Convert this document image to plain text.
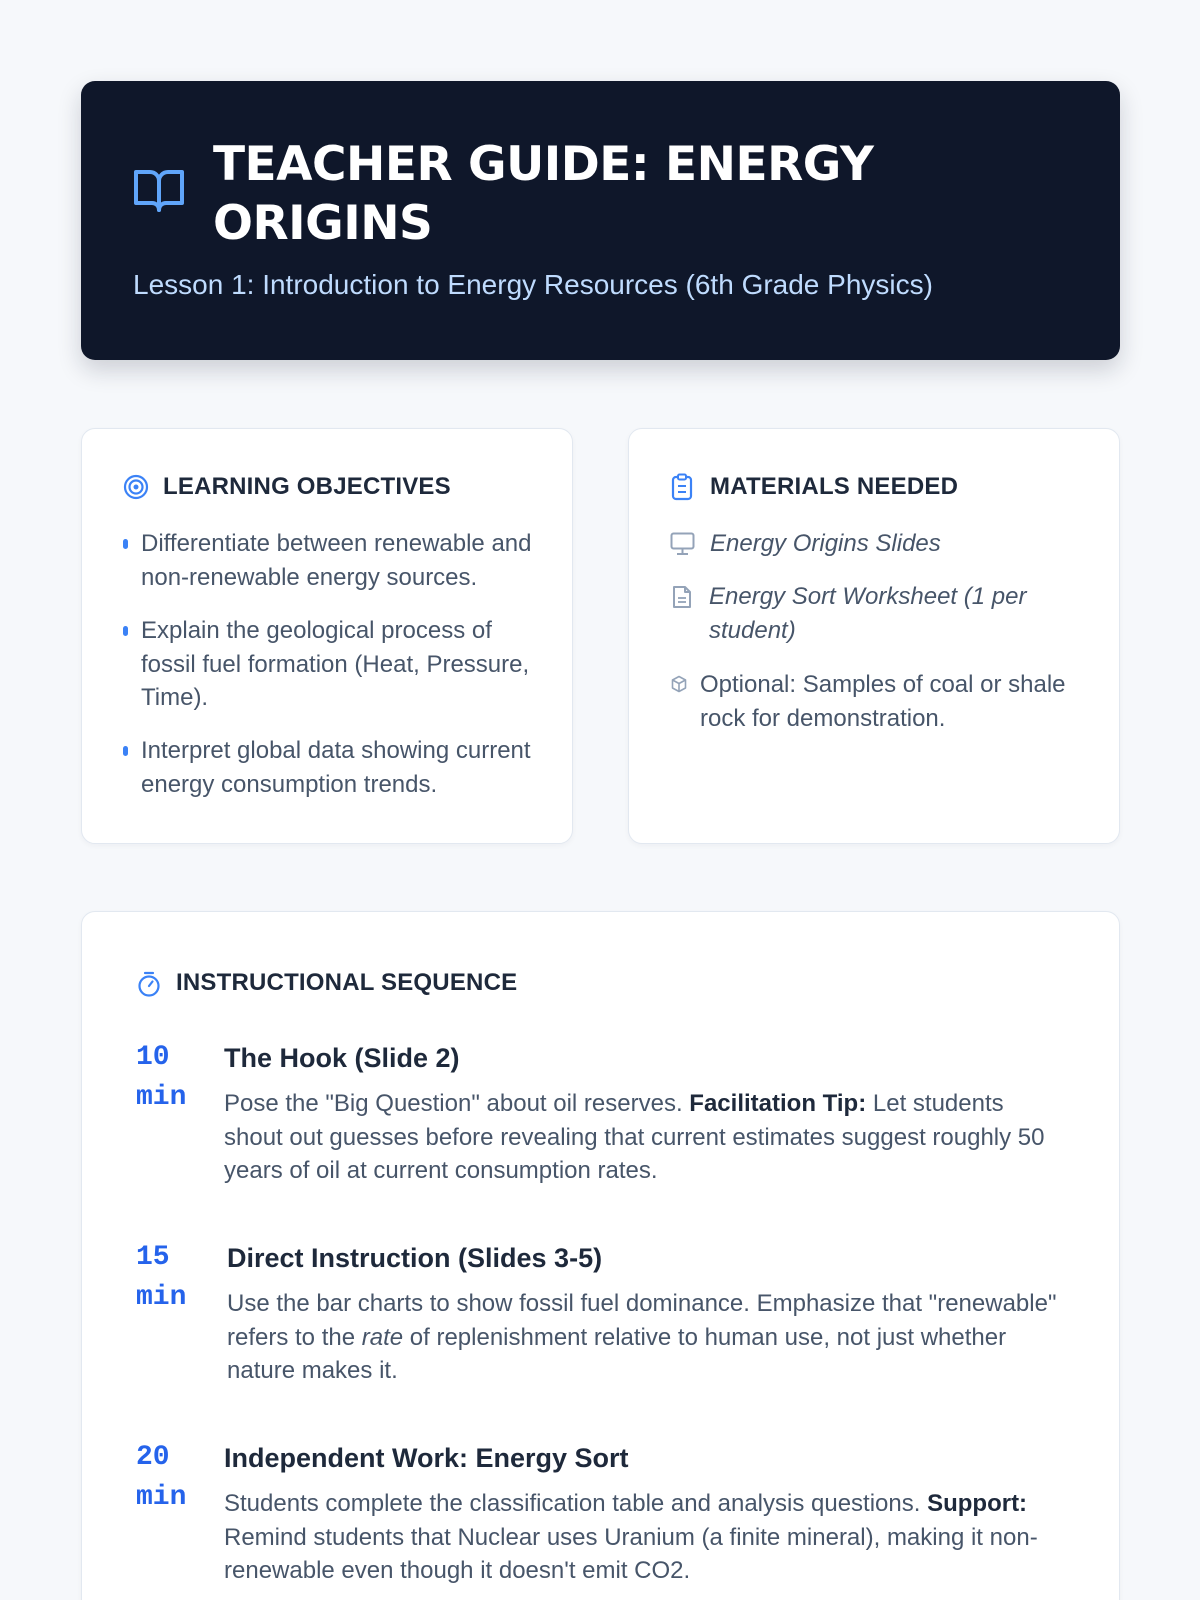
TEACHER GUIDE: ENERGY ORIGINS
Lesson 1: Introduction to Energy Resources (6th Grade Physics)
LEARNING OBJECTIVES
Differentiate between renewable and non-renewable energy sources.
Explain the geological process of fossil fuel formation (Heat, Pressure, Time).
Interpret global data showing current energy consumption trends.
MATERIALS NEEDED
Energy Origins Slides
Energy Sort Worksheet (1 per student)
Optional: Samples of coal or shale rock for demonstration.
INSTRUCTIONAL SEQUENCE
10
min
The Hook (Slide 2)
Pose the "Big Question" about oil reserves. Facilitation Tip: Let students shout out guesses before revealing that current estimates suggest roughly 50 years of oil at current consumption rates.
15
min
Direct Instruction (Slides 3-5)
Use the bar charts to show fossil fuel dominance. Emphasize that "renewable" refers to the rate of replenishment relative to human use, not just whether nature makes it.
20
min
Independent Work: Energy Sort
Students complete the classification table and analysis questions. Support: Remind students that Nuclear uses Uranium (a finite mineral), making it non-renewable even though it doesn't emit CO2.
